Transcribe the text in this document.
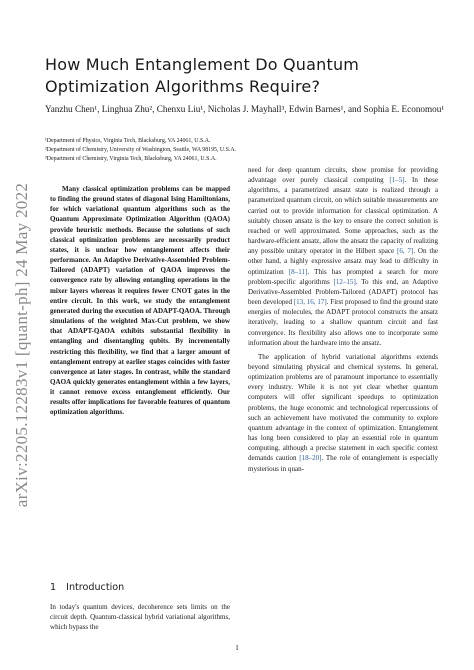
How Much Entanglement Do Quantum Optimization Algorithms Require?
Yanzhu Chen¹, Linghua Zhu², Chenxu Liu¹, Nicholas J. Mayhall³, Edwin Barnes¹, and Sophia E. Economou¹
¹Department of Physics, Virginia Tech, Blacksburg, VA 24061, U.S.A.
²Department of Chemistry, University of Washington, Seattle, WA 98195, U.S.A.
³Department of Chemistry, Virginia Tech, Blacksburg, VA 24061, U.S.A.
arXiv:2205.12283v1 [quant-ph] 24 May 2022	Many classical optimization problems can be mapped to finding the ground states of diagonal Ising Hamiltonians, for which variational quantum algorithms such as the Quantum Approximate Optimization Algorithm (QAOA) provide heuristic methods. Because the solutions of such classical optimization problems are necessarily product states, it is unclear how entanglement affects their performance. An Adaptive Derivative-Assembled Problem-Tailored (ADAPT) variation of QAOA improves the convergence rate by allowing entangling operations in the mixer layers whereas it requires fewer CNOT gates in the entire circuit. In this work, we study the entanglement generated during the execution of ADAPT-QAOA. Through simulations of the weighted Max-Cut problem, we show that ADAPT-QAOA exhibits substantial flexibility in entangling and disentangling qubits. By incrementally restricting this flexibility, we find that a larger amount of entanglement entropy at earlier stages coincides with faster convergence at later stages. In contrast, while the standard QAOA quickly generates entanglement within a few layers, it cannot remove excess entanglement efficiently. Our results offer implications for favorable features of quantum optimization algorithms.

1 Introduction

In today's quantum devices, decoherence sets limits on the circuit depth. Quantum-classical hybrid variational algorithms, which bypass the

need for deep quantum circuits, show promise for providing advantage over purely classical computing [1–5]. In these algorithms, a parametrized ansatz state is realized through a parametrized quantum circuit, on which suitable measurements are carried out to provide information for classical optimization. A suitably chosen ansatz is the key to ensure the correct solution is reached or well approximated. Some approaches, such as the hardware-efficient ansatz, allow the ansatz the capacity of realizing any possible unitary operator in the Hilbert space [6, 7]. On the other hand, a highly expressive ansatz may lead to difficulty in optimization [8–11]. This has prompted a search for more problem-specific algorithms [12–15]. To this end, an Adaptive Derivative-Assembled Problem-Tailored (ADAPT) protocol has been developed [13, 16, 17]. First proposed to find the ground state energies of molecules, the ADAPT protocol constructs the ansatz iteratively, leading to a shallow quantum circuit and fast convergence. Its flexibility also allows one to incorporate some information about the hardware into the ansatz.

The application of hybrid variational algorithms extends beyond simulating physical and chemical systems. In general, optimization problems are of paramount importance to essentially every industry. While it is not yet clear whether quantum computers will offer significant speedups to optimization problems, the huge economic and technological repercussions of such an achievement have motivated the community to explore quantum advantage in the context of optimization. Entanglement has long been considered to play an essential role in quantum computing, although a precise statement in each specific context demands caution [18–20]. The role of entanglement is especially mysterious in quan-

1
